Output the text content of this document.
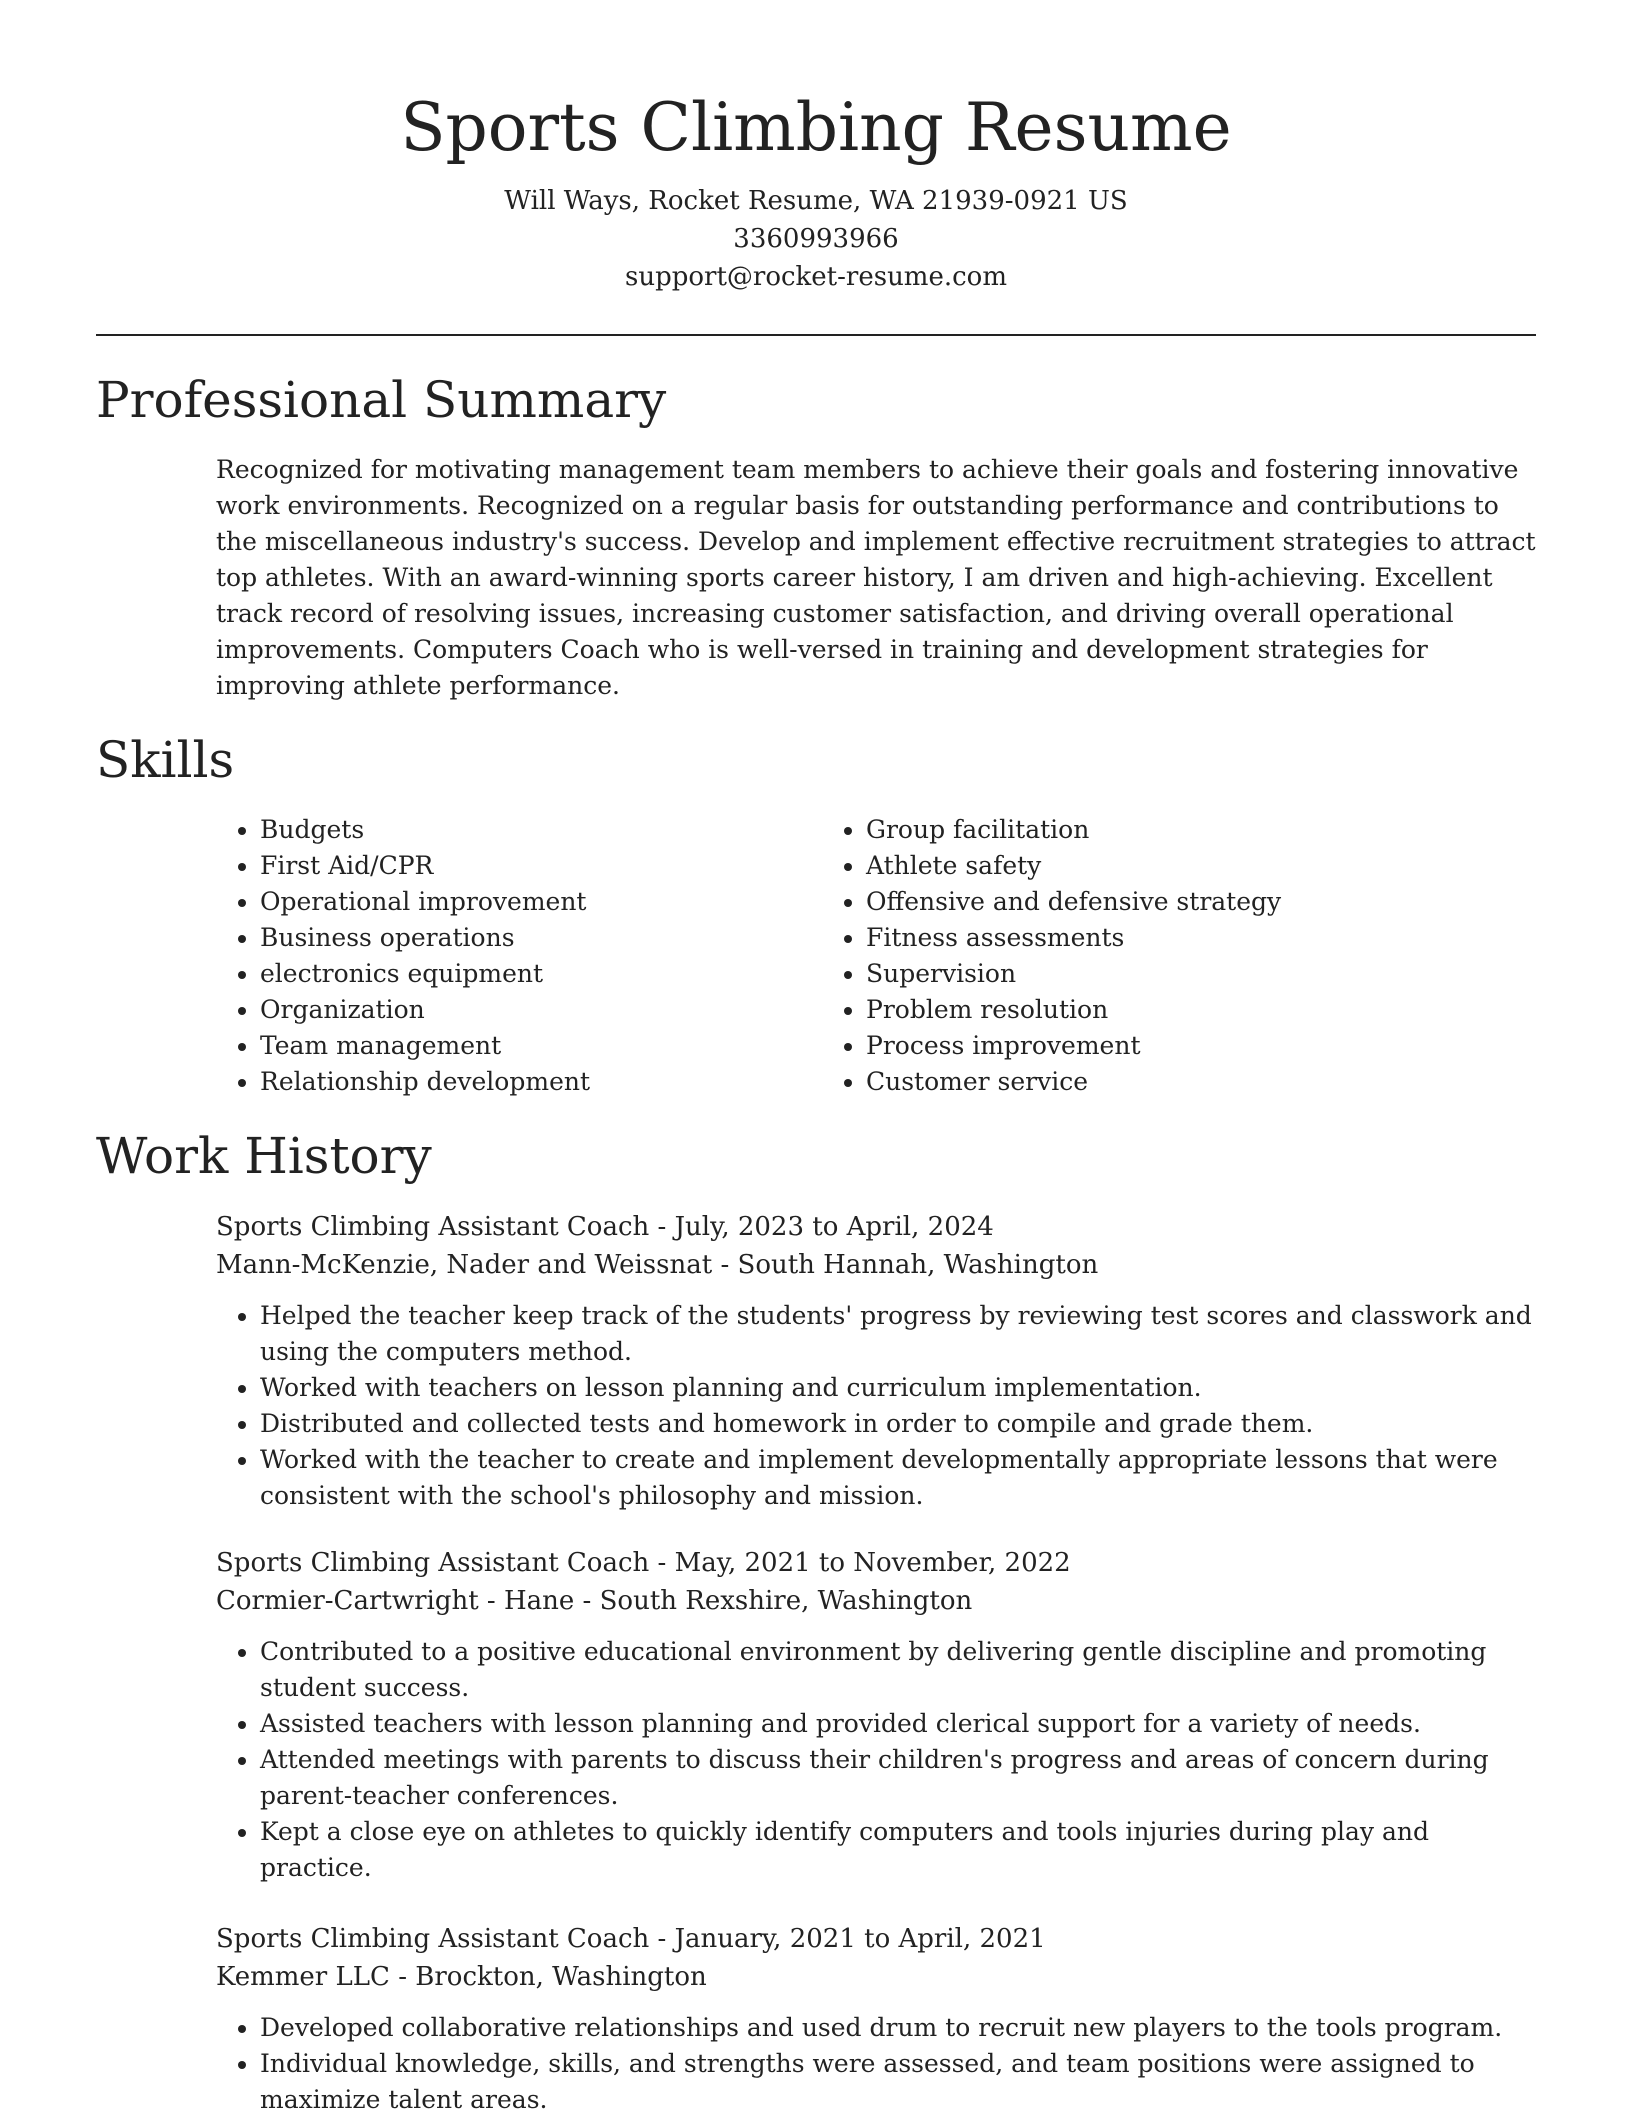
Sports Climbing Resume
Will Ways, Rocket Resume, WA 21939-0921 US
3360993966
support@rocket-resume.com
Professional Summary

Recognized for motivating management team members to achieve their goals and fostering innovative work environments. Recognized on a regular basis for outstanding performance and contributions to the miscellaneous industry's success. Develop and implement effective recruitment strategies to attract top athletes. With an award-winning sports career history, I am driven and high-achieving. Excellent track record of resolving issues, increasing customer satisfaction, and driving overall operational improvements. Computers Coach who is well-versed in training and development strategies for improving athlete performance.

Skills
• Budgets
• First Aid/CPR
• Operational improvement
• Business operations
• electronics equipment
• Organization
• Team management
• Relationship development
• Group facilitation
• Athlete safety
• Offensive and defensive strategy
• Fitness assessments
• Supervision
• Problem resolution
• Process improvement
• Customer service
Work History
Sports Climbing Assistant Coach - July, 2023 to April, 2024
Mann-McKenzie, Nader and Weissnat - South Hannah, Washington
• Helped the teacher keep track of the students' progress by reviewing test scores and classwork and using the computers method.
• Worked with teachers on lesson planning and curriculum implementation.
• Distributed and collected tests and homework in order to compile and grade them.
• Worked with the teacher to create and implement developmentally appropriate lessons that were consistent with the school's philosophy and mission.
Sports Climbing Assistant Coach - May, 2021 to November, 2022
Cormier-Cartwright - Hane - South Rexshire, Washington
• Contributed to a positive educational environment by delivering gentle discipline and promoting student success.
• Assisted teachers with lesson planning and provided clerical support for a variety of needs.
• Attended meetings with parents to discuss their children's progress and areas of concern during parent-teacher conferences.
• Kept a close eye on athletes to quickly identify computers and tools injuries during play and practice.
Sports Climbing Assistant Coach - January, 2021 to April, 2021
Kemmer LLC - Brockton, Washington
• Developed collaborative relationships and used drum to recruit new players to the tools program.
• Individual knowledge, skills, and strengths were assessed, and team positions were assigned to maximize talent areas.
